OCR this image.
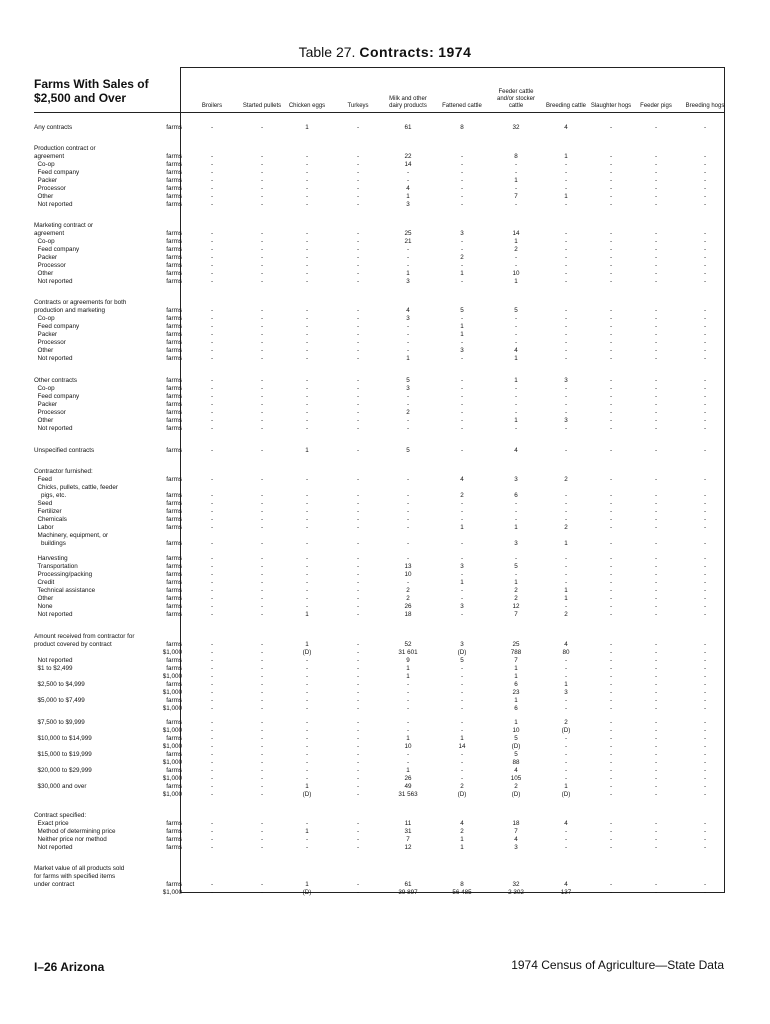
Table 27. Contracts: 1974
Farms With Sales of
$2,500 and Over
Broilers	Started pullets	Chicken eggs	Turkeys
Milk and other dairy products	Fattened cattle
Feeder cattle and/or stocker cattle	Breeding cattle Slaughter hogs	Feeder pigs	Breeding hogs
Any contracts	farms	-	-	1	-	61	8	32	4	-	-	-
Production contract or
agreement	farms	-	-	-	-	22	-	8	1	-	-	-
Co-op	farms	-	-	-	-	14	-	-	-	-	-	-
Feed company	farms	-	-	-	-	-	-	-	-	-	-	-
Packer	farms	-	-	-	-	-	-	1	-	-	-	-
Processor	farms	-	-	-	-	4	-	-	-	-	-	-
Other	farms	-	-	-	-	1	-	7	1	-	-	-
Not reported	farms	-	-	-	-	3	-	-	-	-	-	-
Marketing contract or
agreement	farms	-	-	-	-	25	3	14	-	-	-	-
Co-op	farms	-	-	-	-	21	-	1	-	-	-	-
Feed company	farms	-	-	-	-	-	-	2	-	-	-	-
Packer	farms	-	-	-	-	-	2	-	-	-	-	-
Processor	farms	-	-	-	-	-	-	-	-	-	-	-
Other	farms	-	-	-	-	1	1	10	-	-	-	-
Not reported	farms	-	-	-	-	3	-	1	-	-	-	-
Contracts or agreements for both
production and marketing	farms	-	-	-	-	4	5	5	-	-	-	-
Co-op	farms	-	-	-	-	3	-	-	-	-	-	-
Feed company	farms	-	-	-	-	-	1	-	-	-	-	-
Packer	farms	-	-	-	-	-	1	-	-	-	-	-
Processor	farms	-	-	-	-	-	-	-	-	-	-	-
Other	farms	-	-	-	-	-	3	4	-	-	-	-
Not reported	farms	-	-	-	-	1	-	1	-	-	-	-
Other contracts	farms	-	-	-	-	5	-	1	3	-	-	-
Co-op	farms	-	-	-	-	3	-	-	-	-	-	-
Feed company	farms	-	-	-	-	-	-	-	-	-	-	-
Packer	farms	-	-	-	-	-	-	-	-	-	-	-
Processor	farms	-	-	-	-	2	-	-	-	-	-	-
Other	farms	-	-	-	-	-	-	1	3	-	-	-
Not reported	farms	-	-	-	-	-	-	-	-	-	-	-
Unspecified contracts	farms	-	-	1	-	5	-	4	-	-	-	-
Contractor furnished:
Feed	farms	-	-	-	-	-	4	3	2	-	-	-
Chicks, pullets, cattle, feeder
pigs, etc.	farms	-	-	-	-	-	2	6	-	-	-	-
Seed	farms	-	-	-	-	-	-	-	-	-	-	-
Fertilizer	farms	-	-	-	-	-	-	-	-	-	-	-
Chemicals	farms	-	-	-	-	-	-	-	-	-	-	-
Labor	farms	-	-	-	-	-	1	1	2	-	-	-
Machinery, equipment, or
buildings	farms	-	-	-	-	-	-	3	1	-	-	-
Harvesting	farms	-	-	-	-	-	-	-	-	-	-	-
Transportation	farms	-	-	-	-	13	3	5	-	-	-	-
Processing/packing	farms	-	-	-	-	10	-	-	-	-	-	-
Credit	farms	-	-	-	-	-	1	1	-	-	-	-
Technical assistance	farms	-	-	-	-	2	-	2	1	-	-	-
Other	farms	-	-	-	-	2	-	2	1	-	-	-
None	farms	-	-	-	-	26	3	12	-	-	-	-
Not reported	farms	-	-	1	-	18	-	7	2	-	-	-
Amount received from contractor for
product covered by contract	farms	-	-	1	-	52	3	25	4	-	-	-
$1,000	-	-	(D)	-	31 601	(D)	788	80	-	-	-
Not reported	farms	-	-	-	-	9	5	7	-	-	-	-
$1 to $2,499	farms	-	-	-	-	1	-	1	-	-	-	-
$1,000	-	-	-	-	1	-	1	-	-	-	-
$2,500 to $4,999	farms	-	-	-	-	-	-	6	1	-	-	-
$1,000	-	-	-	-	-	-	23	3	-	-	-
$5,000 to $7,499	farms	-	-	-	-	-	-	1	-	-	-	-
$1,000	-	-	-	-	-	-	6	-	-	-	-
$7,500 to $9,999	farms	-	-	-	-	-	-	1	2	-	-	-
$1,000	-	-	-	-	-	-	10	(D)	-	-	-
$10,000 to $14,999	farms	-	-	-	-	1	1	5	-	-	-	-
$1,000	-	-	-	-	10	14	(D)	-	-	-	-
$15,000 to $19,999	farms	-	-	-	-	-	-	5	-	-	-	-
$1,000	-	-	-	-	-	-	88	-	-	-	-
$20,000 to $29,999	farms	-	-	-	-	1	-	4	-	-	-	-
$1,000	-	-	-	-	26	-	105	-	-	-	-
$30,000 and over	farms	-	-	1	-	49	2	2	1	-	-	-
$1,000	-	-	(D)	-	31 563	(D)	(D)	(D)	-	-	-
Contract specified:
Exact price	farms	-	-	-	-	11	4	18	4	-	-	-
Method of determining price	farms	-	-	1	-	31	2	7	-	-	-	-
Neither price nor method	farms	-	-	-	-	7	1	4	-	-	-	-
Not reported	farms	-	-	-	-	12	1	3	-	-	-	-
Market value of all products sold
for farms with specified items
under contract	farms	-	-	1	-	61	8	32	4	-	-	-
$1,000	-	-	(D)	-	39 897	56 485	2 302	137	-	-	-
I–26 Arizona	1974 Census of Agriculture—State Data
